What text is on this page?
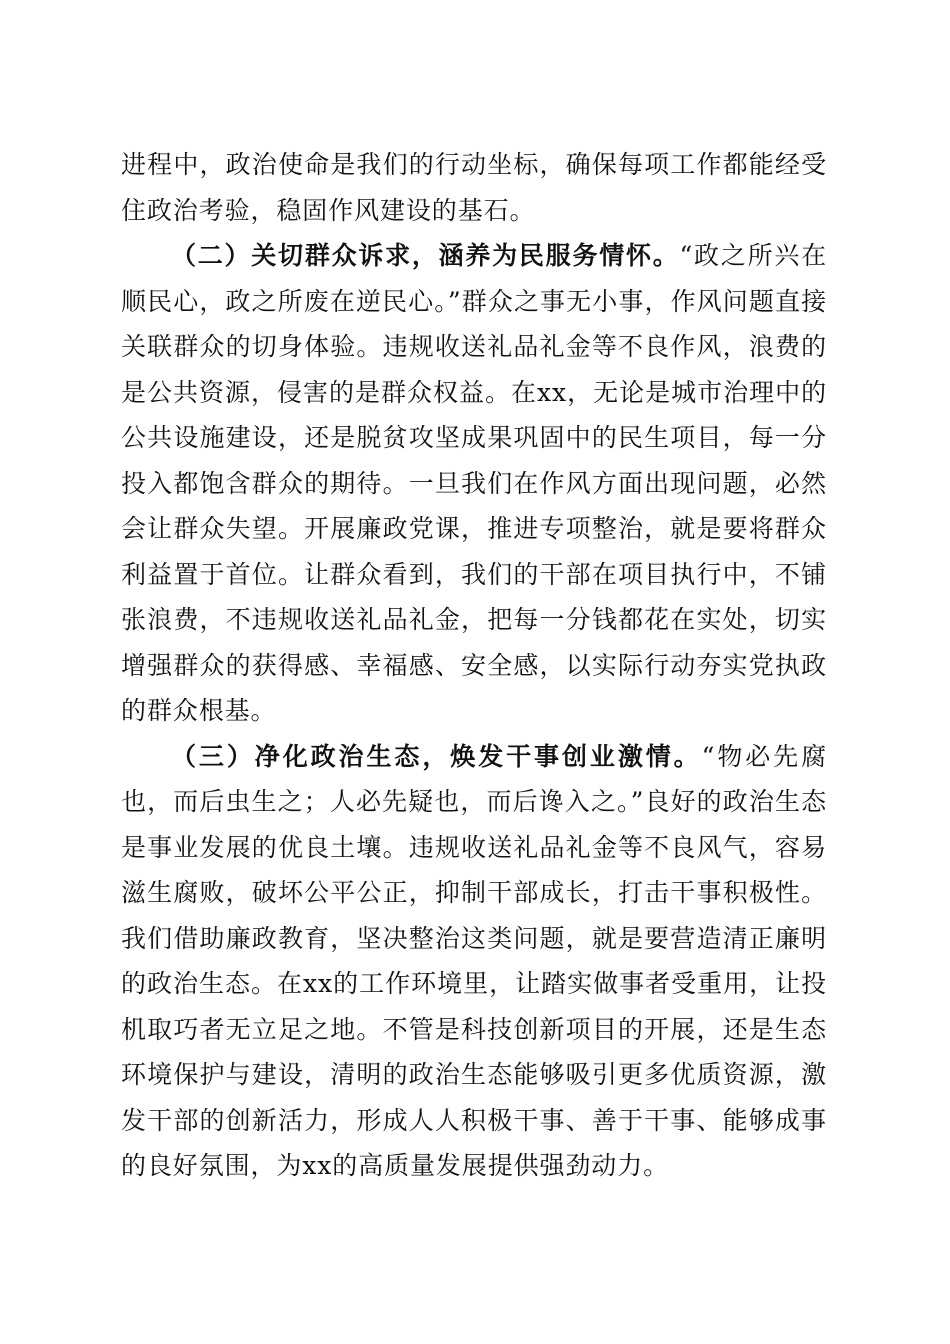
进程中，政治使命是我们的行动坐标，确保每项工作都能经受住政治考验，稳固作风建设的基石。

（二）关切群众诉求，涵养为民服务情怀。“政之所兴在顺民心，政之所废在逆民心。”群众之事无小事，作风问题直接关联群众的切身体验。违规收送礼品礼金等不良作风，浪费的是公共资源，侵害的是群众权益。在xx，无论是城市治理中的公共设施建设，还是脱贫攻坚成果巩固中的民生项目，每一分投入都饱含群众的期待。一旦我们在作风方面出现问题，必然会让群众失望。开展廉政党课，推进专项整治，就是要将群众利益置于首位。让群众看到，我们的干部在项目执行中，不铺张浪费，不违规收送礼品礼金，把每一分钱都花在实处，切实增强群众的获得感、幸福感、安全感，以实际行动夯实党执政的群众根基。

（三）净化政治生态，焕发干事创业激情。“物必先腐也，而后虫生之；人必先疑也，而后谗入之。”良好的政治生态是事业发展的优良土壤。违规收送礼品礼金等不良风气，容易滋生腐败，破坏公平公正，抑制干部成长，打击干事积极性。我们借助廉政教育，坚决整治这类问题，就是要营造清正廉明的政治生态。在xx的工作环境里，让踏实做事者受重用，让投机取巧者无立足之地。不管是科技创新项目的开展，还是生态环境保护与建设，清明的政治生态能够吸引更多优质资源，激发干部的创新活力，形成人人积极干事、善于干事、能够成事的良好氛围，为xx的高质量发展提供强劲动力。
